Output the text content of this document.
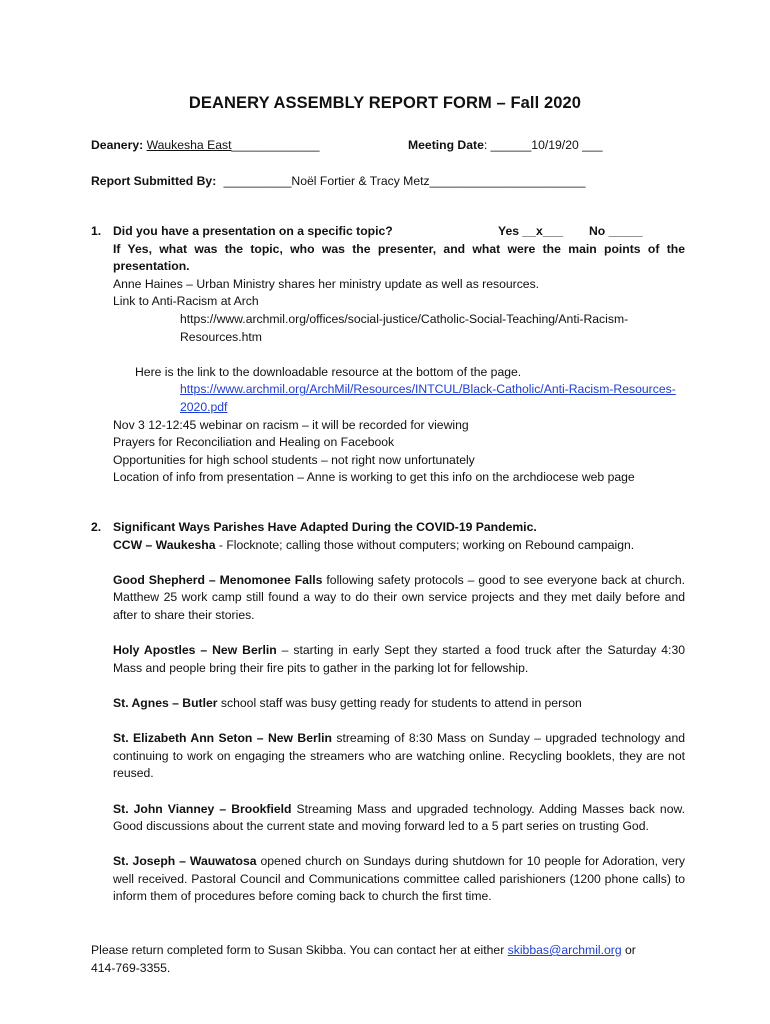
DEANERY ASSEMBLY REPORT FORM – Fall 2020
Deanery: Waukesha East_____________	Meeting Date: ______10/19/20 ___
Report Submitted By: __________Noël Fortier & Tracy Metz_______________________
1. Did you have a presentation on a specific topic?	Yes __x___ No _____

If Yes, what was the topic, who was the presenter, and what were the main points of the presentation.

Anne Haines – Urban Ministry shares her ministry update as well as resources.

Link to Anti-Racism at Arch

https://www.archmil.org/offices/social-justice/Catholic-Social-Teaching/Anti-Racism-Resources.htm

Here is the link to the downloadable resource at the bottom of the page.

https://www.archmil.org/ArchMil/Resources/INTCUL/Black-Catholic/Anti-Racism-Resources-2020.pdf

Nov 3 12-12:45 webinar on racism – it will be recorded for viewing

Prayers for Reconciliation and Healing on Facebook

Opportunities for high school students – not right now unfortunately

Location of info from presentation – Anne is working to get this info on the archdiocese web page

2. Significant Ways Parishes Have Adapted During the COVID-19 Pandemic.

CCW – Waukesha - Flocknote; calling those without computers; working on Rebound campaign.

Good Shepherd – Menomonee Falls following safety protocols – good to see everyone back at church. Matthew 25 work camp still found a way to do their own service projects and they met daily before and after to share their stories.

Holy Apostles – New Berlin – starting in early Sept they started a food truck after the Saturday 4:30 Mass and people bring their fire pits to gather in the parking lot for fellowship.

St. Agnes – Butler school staff was busy getting ready for students to attend in person

St. Elizabeth Ann Seton – New Berlin streaming of 8:30 Mass on Sunday – upgraded technology and continuing to work on engaging the streamers who are watching online. Recycling booklets, they are not reused.

St. John Vianney – Brookfield Streaming Mass and upgraded technology. Adding Masses back now. Good discussions about the current state and moving forward led to a 5 part series on trusting God.

St. Joseph – Wauwatosa opened church on Sundays during shutdown for 10 people for Adoration, very well received. Pastoral Council and Communications committee called parishioners (1200 phone calls) to inform them of procedures before coming back to church the first time.

Please return completed form to Susan Skibba. You can contact her at either skibbas@archmil.org or
414-769-3355.
